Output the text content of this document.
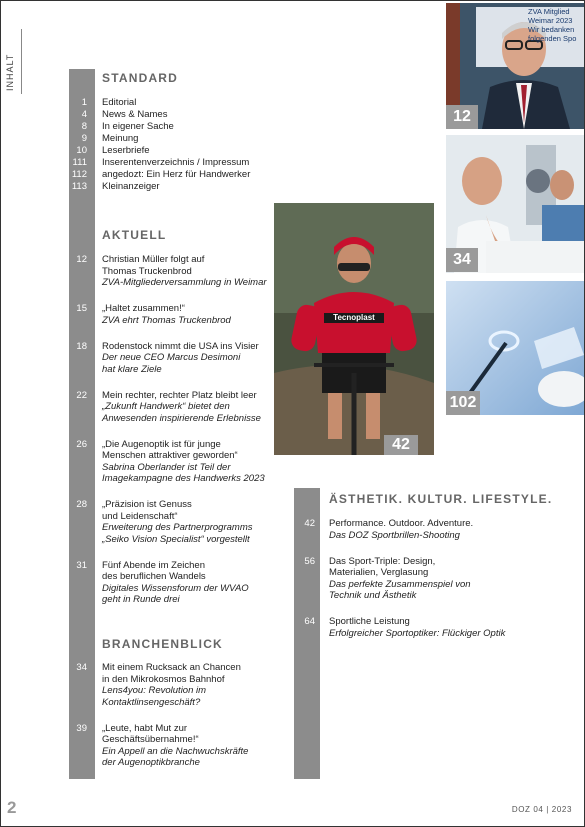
INHALT	STANDARD
AKTUELL
BRANCHENBLICK
ÄSTHETIK. KULTUR. LIFESTYLE.
ZVA Mitglied
Weimar 2023
Wir bedanken
folgenden Spo
12
34
102
Tecnoplast
42
2	DOZ 04 | 2023
1 Editorial
4 News & Names
8 In eigener Sache
9 Meinung
10 Leserbriefe
111 Inserentenverzeichnis / Impressum
112 angedozt: Ein Herz für Handwerker
113 Kleinanzeiger
12 Christian Müller folgt auf
Thomas Truckenbrod
ZVA-Mitgliederversammlung in Weimar
15 „Haltet zusammen!“
ZVA ehrt Thomas Truckenbrod
18 Rodenstock nimmt die USA ins Visier
Der neue CEO Marcus Desimoni
hat klare Ziele
22 Mein rechter, rechter Platz bleibt leer
„Zukunft Handwerk“ bietet den
Anwesenden inspirierende Erlebnisse
26 „Die Augenoptik ist für junge
Menschen attraktiver geworden“
Sabrina Oberlander ist Teil der
Imagekampagne des Handwerks 2023
28 „Präzision ist Genuss
und Leidenschaft“
Erweiterung des Partnerprogramms
„Seiko Vision Specialist“ vorgestellt
31 Fünf Abende im Zeichen
des beruflichen Wandels
Digitales Wissensforum der WVAO
geht in Runde drei
34 Mit einem Rucksack an Chancen
in den Mikrokosmos Bahnhof
Lens4you: Revolution im
Kontaktlinsengeschäft?
39 „Leute, habt Mut zur
Geschäftsübernahme!“
Ein Appell an die Nachwuchskräfte
der Augenoptikbranche
42 Performance. Outdoor. Adventure.
Das DOZ Sportbrillen-Shooting
56 Das Sport-Triple: Design,
Materialien, Verglasung
Das perfekte Zusammenspiel von
Technik und Ästhetik
64 Sportliche Leistung
Erfolgreicher Sportoptiker: Flückiger Optik
